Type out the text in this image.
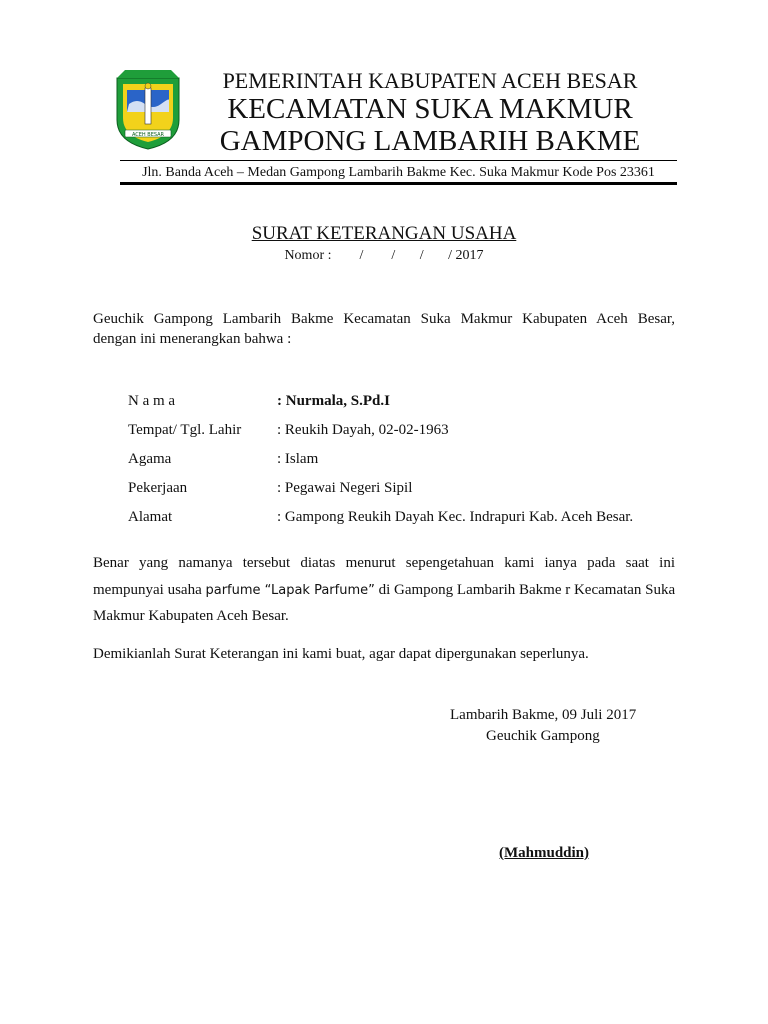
ACEH BESAR
PEMERINTAH KABUPATEN ACEH BESAR
KECAMATAN SUKA MAKMUR
GAMPONG LAMBARIH BAKME
Jln. Banda Aceh – Medan Gampong Lambarih Bakme Kec. Suka Makmur Kode Pos 23361
SURAT KETERANGAN USAHA
Nomor :        /        /       /       / 2017
Geuchik Gampong Lambarih Bakme Kecamatan Suka Makmur Kabupaten Aceh Besar,
dengan ini menerangkan bahwa :
N a m a	: Nurmala, S.Pd.I
Tempat/ Tgl. Lahir : Reukih Dayah, 02-02-1963
Agama	: Islam
Pekerjaan	: Pegawai Negeri Sipil
Alamat	: Gampong Reukih Dayah Kec. Indrapuri Kab. Aceh Besar.
Benar yang namanya tersebut diatas menurut sepengetahuan kami ianya pada saat ini
mempunyai usaha parfume “Lapak Parfume” di Gampong Lambarih Bakme r Kecamatan Suka
Makmur Kabupaten Aceh Besar.
Demikianlah Surat Keterangan ini kami buat, agar dapat dipergunakan seperlunya.
Lambarih Bakme, 09 Juli 2017
Geuchik Gampong
(Mahmuddin)
